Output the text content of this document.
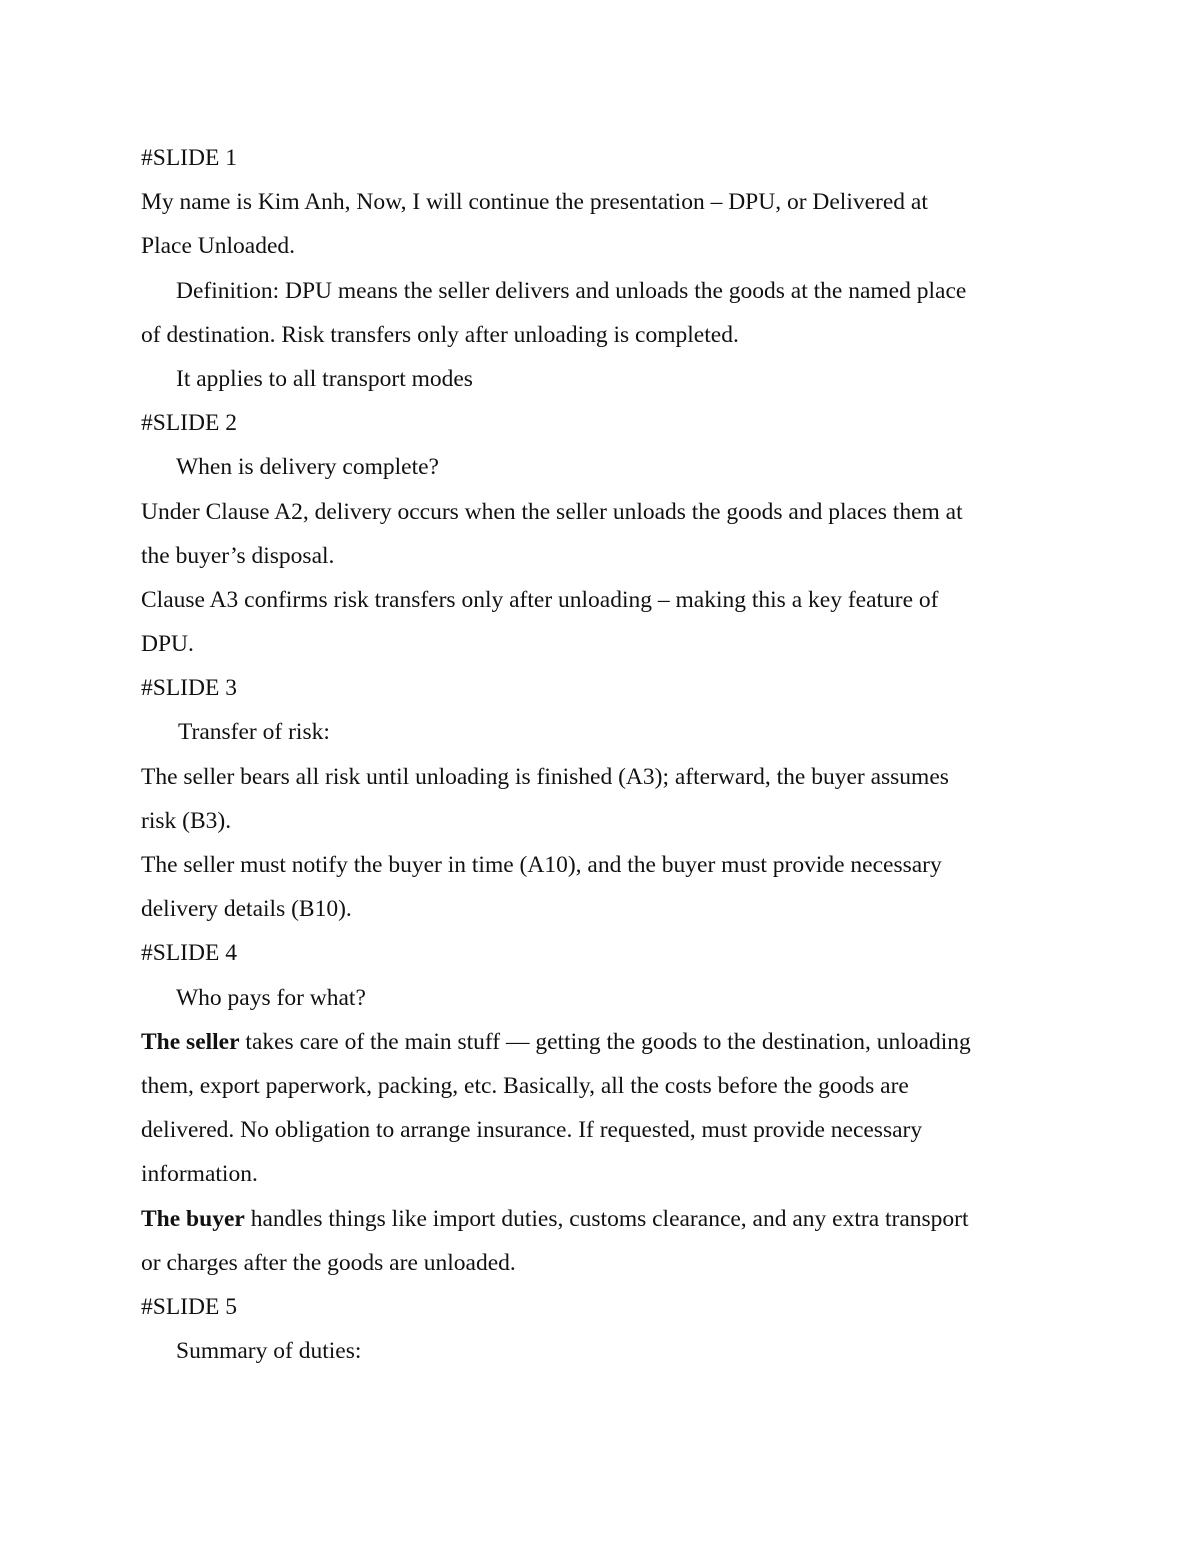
#SLIDE 1
My name is Kim Anh, Now, I will continue the presentation – DPU, or Delivered at
Place Unloaded.
Definition: DPU means the seller delivers and unloads the goods at the named place
of destination. Risk transfers only after unloading is completed.
It applies to all transport modes
#SLIDE 2
When is delivery complete?
Under Clause A2, delivery occurs when the seller unloads the goods and places them at
the buyer’s disposal.
Clause A3 confirms risk transfers only after unloading – making this a key feature of
DPU.
#SLIDE 3
Transfer of risk:
The seller bears all risk until unloading is finished (A3); afterward, the buyer assumes
risk (B3).
The seller must notify the buyer in time (A10), and the buyer must provide necessary
delivery details (B10).
#SLIDE 4
Who pays for what?
The seller takes care of the main stuff — getting the goods to the destination, unloading
them, export paperwork, packing, etc. Basically, all the costs before the goods are
delivered. No obligation to arrange insurance. If requested, must provide necessary
information.
The buyer handles things like import duties, customs clearance, and any extra transport
or charges after the goods are unloaded.
#SLIDE 5
Summary of duties:
